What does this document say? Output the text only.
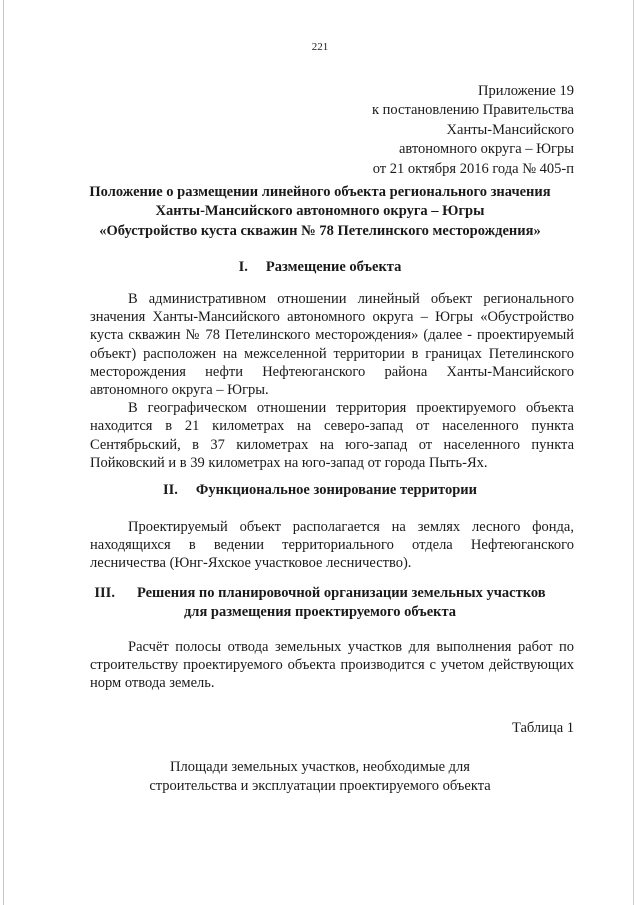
221
Приложение 19
к постановлению Правительства
Ханты-Мансийского
автономного округа – Югры
от 21 октября 2016 года № 405-п
Положение о размещении линейного объекта регионального значения
Ханты-Мансийского автономного округа – Югры
«Обустройство куста скважин № 78 Петелинского месторождения»
I. Размещение объекта

В административном отношении линейный объект регионального значения Ханты-Мансийского автономного округа – Югры «Обустройство куста скважин № 78 Петелинского месторождения» (далее - проектируемый объект) расположен на межселенной территории в границах Петелинского месторождения нефти Нефтеюганского района Ханты-Мансийского автономного округа – Югры.

В географическом отношении территория проектируемого объекта находится в 21 километрах на северо-запад от населенного пункта Сентябрьский, в 37 километрах на юго-запад от населенного пункта Пойковский и в 39 километрах на юго-запад от города Пыть-Ях.

II. Функциональное зонирование территории

Проектируемый объект располагается на землях лесного фонда, находящихся в ведении территориального отдела Нефтеюганского лесничества (Юнг-Яхское участковое лесничество).

III. Решения по планировочной организации земельных участков
для размещения проектируемого объекта

Расчёт полосы отвода земельных участков для выполнения работ по строительству проектируемого объекта производится с учетом действующих норм отвода земель.

Таблица 1
Площади земельных участков, необходимые для
строительства и эксплуатации проектируемого объекта
